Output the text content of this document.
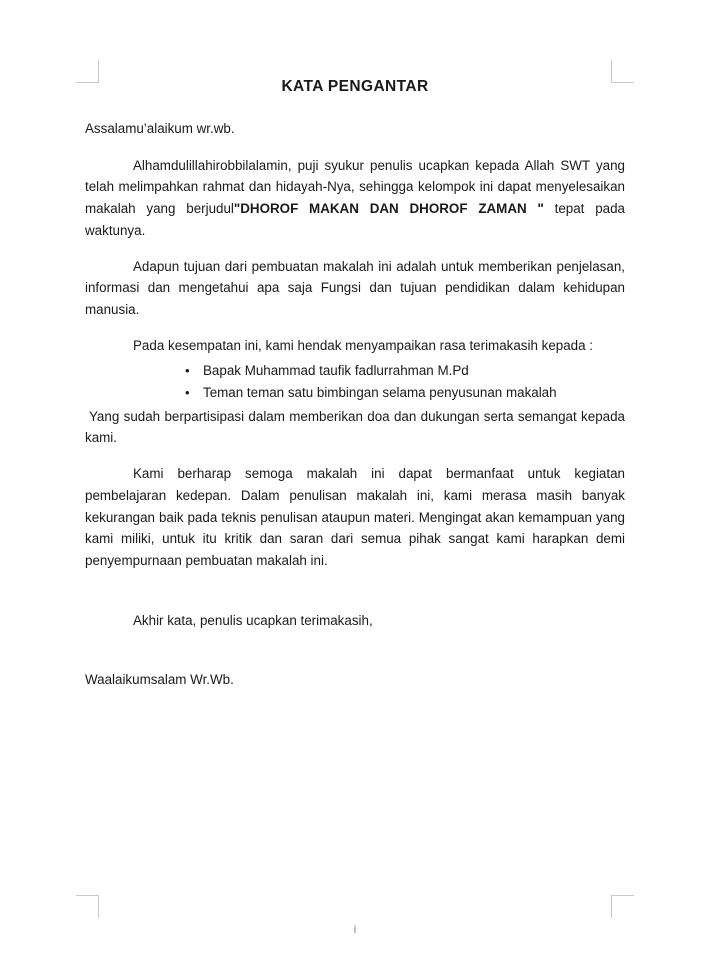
KATA PENGANTAR

Assalamu’alaikum wr.wb.

Alhamdulillahirobbilalamin, puji syukur penulis ucapkan kepada Allah SWT yang telah melimpahkan rahmat dan hidayah-Nya, sehingga kelompok ini dapat menyelesaikan makalah yang berjudul"DHOROF MAKAN DAN DHOROF ZAMAN " tepat pada waktunya.

Adapun tujuan dari pembuatan makalah ini adalah untuk memberikan penjelasan, informasi dan mengetahui apa saja Fungsi dan tujuan pendidikan dalam kehidupan manusia.

Pada kesempatan ini, kami hendak menyampaikan rasa terimakasih kepada :

• Bapak Muhammad taufik fadlurrahman M.Pd
• Teman teman satu bimbingan selama penyusunan makalah

Yang sudah berpartisipasi dalam memberikan doa dan dukungan serta semangat kepada kami.

Kami berharap semoga makalah ini dapat bermanfaat untuk kegiatan pembelajaran kedepan. Dalam penulisan makalah ini, kami merasa masih banyak kekurangan baik pada teknis penulisan ataupun materi. Mengingat akan kemampuan yang kami miliki, untuk itu kritik dan saran dari semua pihak sangat kami harapkan demi penyempurnaan pembuatan makalah ini.

Akhir kata, penulis ucapkan terimakasih,

Waalaikumsalam Wr.Wb.

i
